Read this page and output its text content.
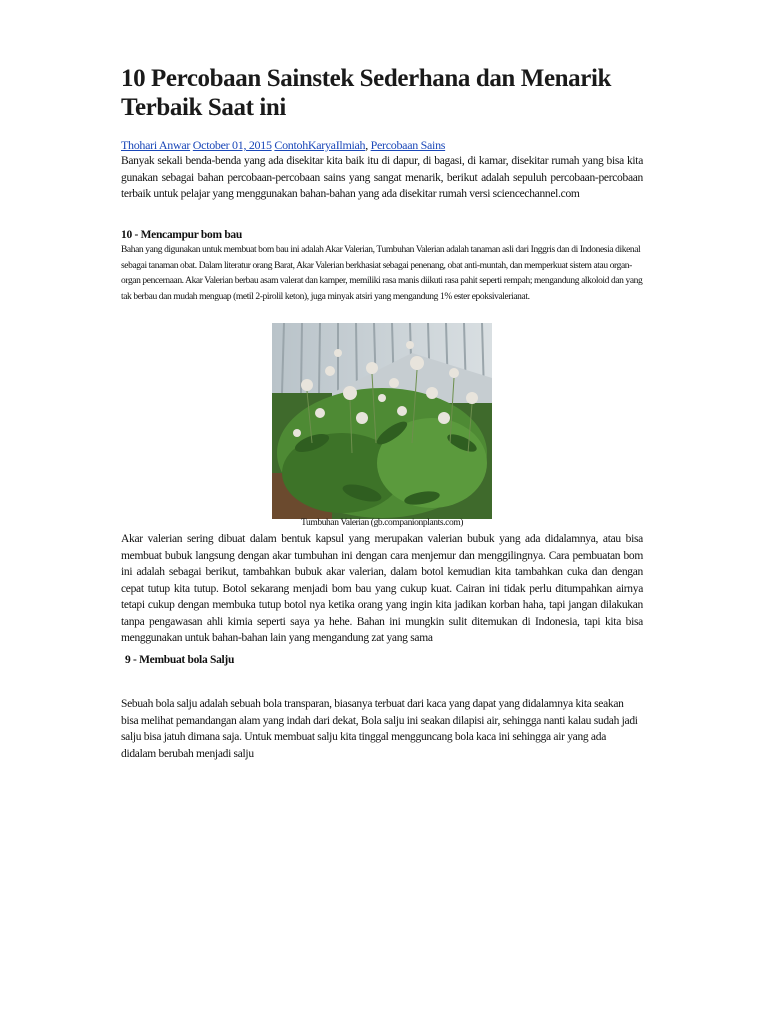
10 Percobaan Sainstek Sederhana dan Menarik Terbaik Saat ini
Thohari Anwar October 01, 2015 ContohKaryaIlmiah, Percobaan Sains

Banyak sekali benda-benda yang ada disekitar kita baik itu di dapur, di bagasi, di kamar, disekitar rumah yang bisa kita gunakan sebagai bahan percobaan-percobaan sains yang sangat menarik, berikut adalah sepuluh percobaan-percobaan terbaik untuk pelajar yang menggunakan bahan-bahan yang ada disekitar rumah versi sciencechannel.com

10 - Mencampur bom bau

Bahan yang digunakan untuk membuat bom bau ini adalah Akar Valerian, Tumbuhan Valerian adalah tanaman asli dari Inggris dan di Indonesia dikenal sebagai tanaman obat. Dalam literatur orang Barat, Akar Valerian berkhasiat sebagai penenang, obat anti-muntah, dan memperkuat sistem atau organ-organ pencernaan. Akar Valerian berbau asam valerat dan kamper, memiliki rasa manis diikuti rasa pahit seperti rempah; mengandung alkoloid dan yang tak berbau dan mudah menguap (metil 2-pirolil keton), juga minyak atsiri yang mengandung 1% ester epoksivalerianat.

Tumbuhan Valerian (gb.companionplants.com)

Akar valerian sering dibuat dalam bentuk kapsul yang merupakan valerian bubuk yang ada didalamnya, atau bisa membuat bubuk langsung dengan akar tumbuhan ini dengan cara menjemur dan menggilingnya. Cara pembuatan bom ini adalah sebagai berikut, tambahkan bubuk akar valerian, dalam botol kemudian kita tambahkan cuka dan dengan cepat tutup kita tutup. Botol sekarang menjadi bom bau yang cukup kuat. Cairan ini tidak perlu ditumpahkan airnya tetapi cukup dengan membuka tutup botol nya ketika orang yang ingin kita jadikan korban haha, tapi jangan dilakukan tanpa pengawasan ahli kimia seperti saya ya hehe. Bahan ini mungkin sulit ditemukan di Indonesia, tapi kita bisa menggunakan untuk bahan-bahan lain yang mengandung zat yang sama

9 - Membuat bola Salju

Sebuah bola salju adalah sebuah bola transparan, biasanya terbuat dari kaca yang dapat yang didalamnya kita seakan bisa melihat pemandangan alam yang indah dari dekat, Bola salju ini seakan dilapisi air, sehingga nanti kalau sudah jadi salju bisa jatuh dimana saja. Untuk membuat salju kita tinggal mengguncang bola kaca ini sehingga air yang ada didalam berubah menjadi salju
